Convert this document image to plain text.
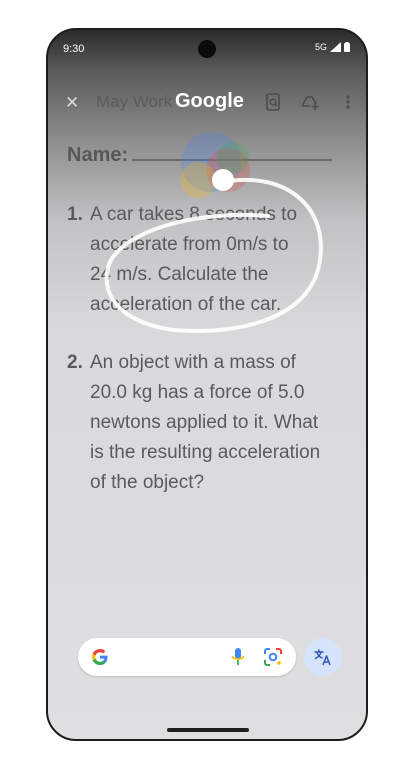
9:30	5G
✕ May Work Google
Name:
1. A car takes 8 seconds to
accelerate from 0m/s to
24 m/s. Calculate the
acceleration of the car.
2. An object with a mass of
20.0 kg has a force of 5.0
newtons applied to it. What
is the resulting acceleration
of the object?
